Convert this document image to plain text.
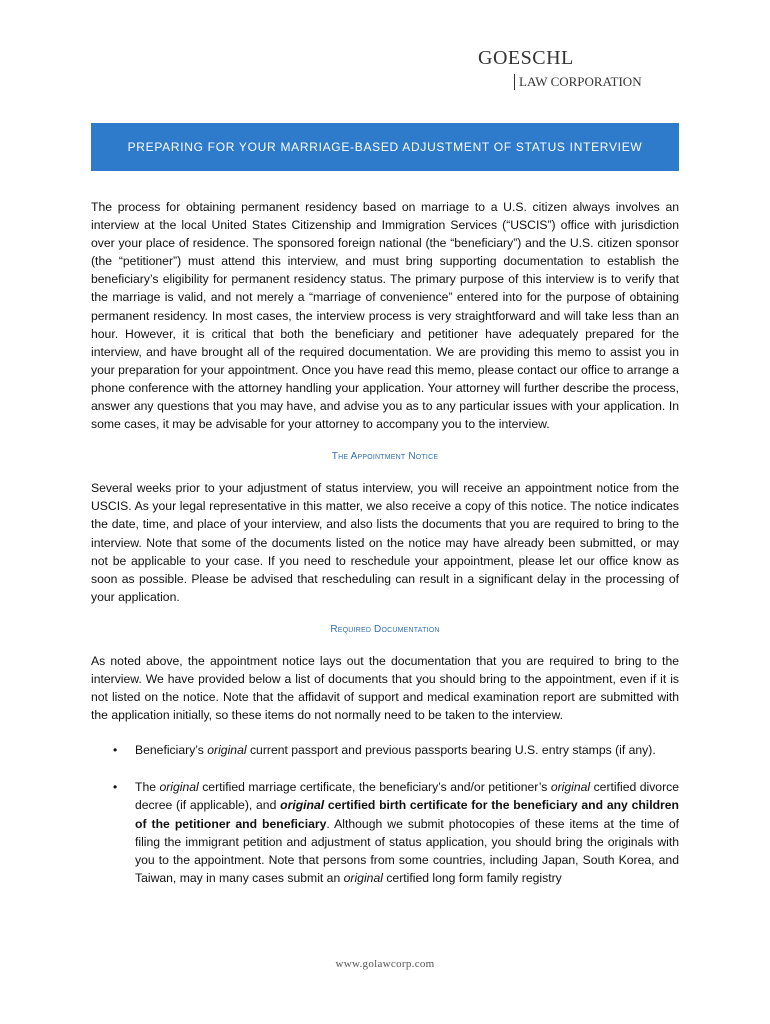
GOESCHL
LAW CORPORATION
PREPARING FOR YOUR MARRIAGE-BASED ADJUSTMENT OF STATUS INTERVIEW

The process for obtaining permanent residency based on marriage to a U.S. citizen always involves an interview at the local United States Citizenship and Immigration Services (“USCIS”) office with jurisdiction over your place of residence. The sponsored foreign national (the “beneficiary”) and the U.S. citizen sponsor (the “petitioner”) must attend this interview, and must bring supporting documentation to establish the beneficiary’s eligibility for permanent residency status. The primary purpose of this interview is to verify that the marriage is valid, and not merely a “marriage of convenience” entered into for the purpose of obtaining permanent residency. In most cases, the interview process is very straightforward and will take less than an hour. However, it is critical that both the beneficiary and petitioner have adequately prepared for the interview, and have brought all of the required documentation. We are providing this memo to assist you in your preparation for your appointment. Once you have read this memo, please contact our office to arrange a phone conference with the attorney handling your application. Your attorney will further describe the process, answer any questions that you may have, and advise you as to any particular issues with your application. In some cases, it may be advisable for your attorney to accompany you to the interview.

The Appointment Notice

Several weeks prior to your adjustment of status interview, you will receive an appointment notice from the USCIS. As your legal representative in this matter, we also receive a copy of this notice. The notice indicates the date, time, and place of your interview, and also lists the documents that you are required to bring to the interview. Note that some of the documents listed on the notice may have already been submitted, or may not be applicable to your case. If you need to reschedule your appointment, please let our office know as soon as possible. Please be advised that rescheduling can result in a significant delay in the processing of your application.

Required Documentation

As noted above, the appointment notice lays out the documentation that you are required to bring to the interview. We have provided below a list of documents that you should bring to the appointment, even if it is not listed on the notice. Note that the affidavit of support and medical examination report are submitted with the application initially, so these items do not normally need to be taken to the interview.

• Beneficiary’s original current passport and previous passports bearing U.S. entry stamps (if any).
• The original certified marriage certificate, the beneficiary’s and/or petitioner’s original certified divorce decree (if applicable), and original certified birth certificate for the beneficiary and any children of the petitioner and beneficiary. Although we submit photocopies of these items at the time of filing the immigrant petition and adjustment of status application, you should bring the originals with you to the appointment. Note that persons from some countries, including Japan, South Korea, and Taiwan, may in many cases submit an original certified long form family registry
www.golawcorp.com
